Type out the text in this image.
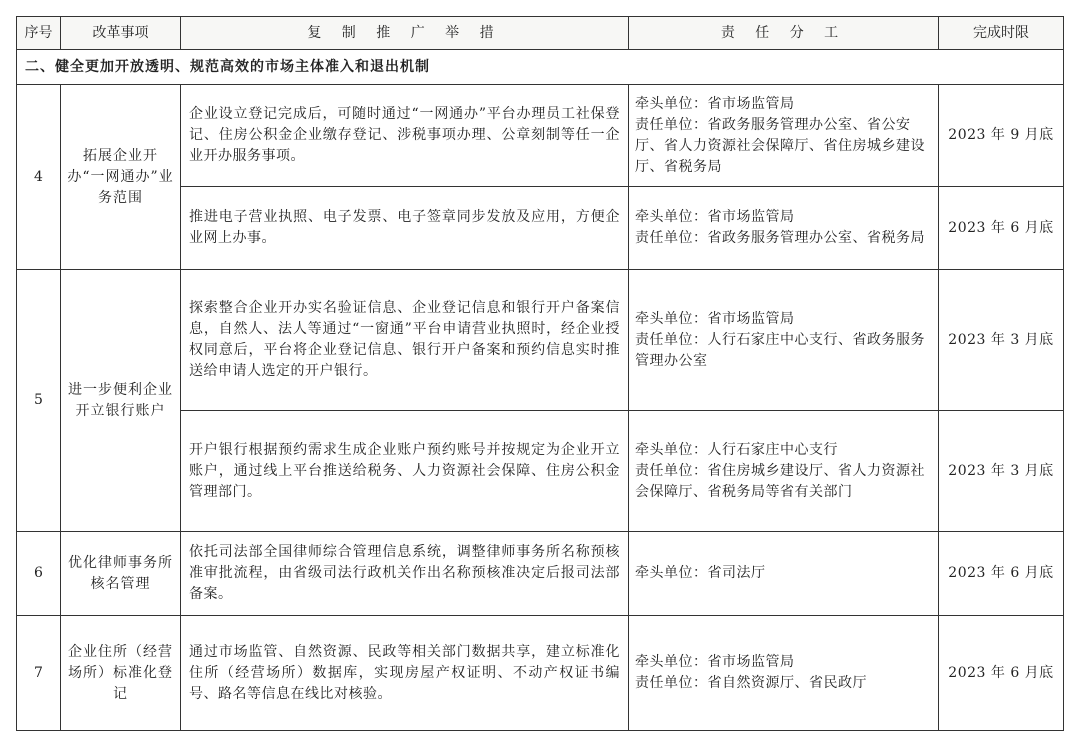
序号	改革事项	复 制 推 广 举 措	责 任 分 工	完成时限
二、健全更加开放透明、规范高效的市场主体准入和退出机制				
4	拓展企业开办“一网通办”业务范围	企业设立登记完成后，可随时通过“一网通办”平台办理员工社保登记、住房公积金企业缴存登记、涉税事项办理、公章刻制等任一企业开办服务事项。	牵头单位：省市场监管局
责任单位：省政务服务管理办公室、省公安厅、省人力资源社会保障厅、省住房城乡建设厅、省税务局	2023 年 9 月底
		推进电子营业执照、电子发票、电子签章同步发放及应用，方便企业网上办事。	牵头单位：省市场监管局
责任单位：省政务服务管理办公室、省税务局	2023 年 6 月底
5	进一步便利企业开立银行账户	探索整合企业开办实名验证信息、企业登记信息和银行开户备案信息，自然人、法人等通过“一窗通”平台申请营业执照时，经企业授权同意后，平台将企业登记信息、银行开户备案和预约信息实时推送给申请人选定的开户银行。	牵头单位：省市场监管局
责任单位：人行石家庄中心支行、省政务服务管理办公室	2023 年 3 月底
		开户银行根据预约需求生成企业账户预约账号并按规定为企业开立账户，通过线上平台推送给税务、人力资源社会保障、住房公积金管理部门。	牵头单位：人行石家庄中心支行
责任单位：省住房城乡建设厅、省人力资源社会保障厅、省税务局等省有关部门	2023 年 3 月底
6	优化律师事务所核名管理	依托司法部全国律师综合管理信息系统，调整律师事务所名称预核准审批流程，由省级司法行政机关作出名称预核准决定后报司法部备案。	牵头单位：省司法厅	2023 年 6 月底
7	企业住所（经营场所）标准化登记	通过市场监管、自然资源、民政等相关部门数据共享，建立标准化住所（经营场所）数据库，实现房屋产权证明、不动产权证书编号、路名等信息在线比对核验。	牵头单位：省市场监管局
责任单位：省自然资源厅、省民政厅	2023 年 6 月底
